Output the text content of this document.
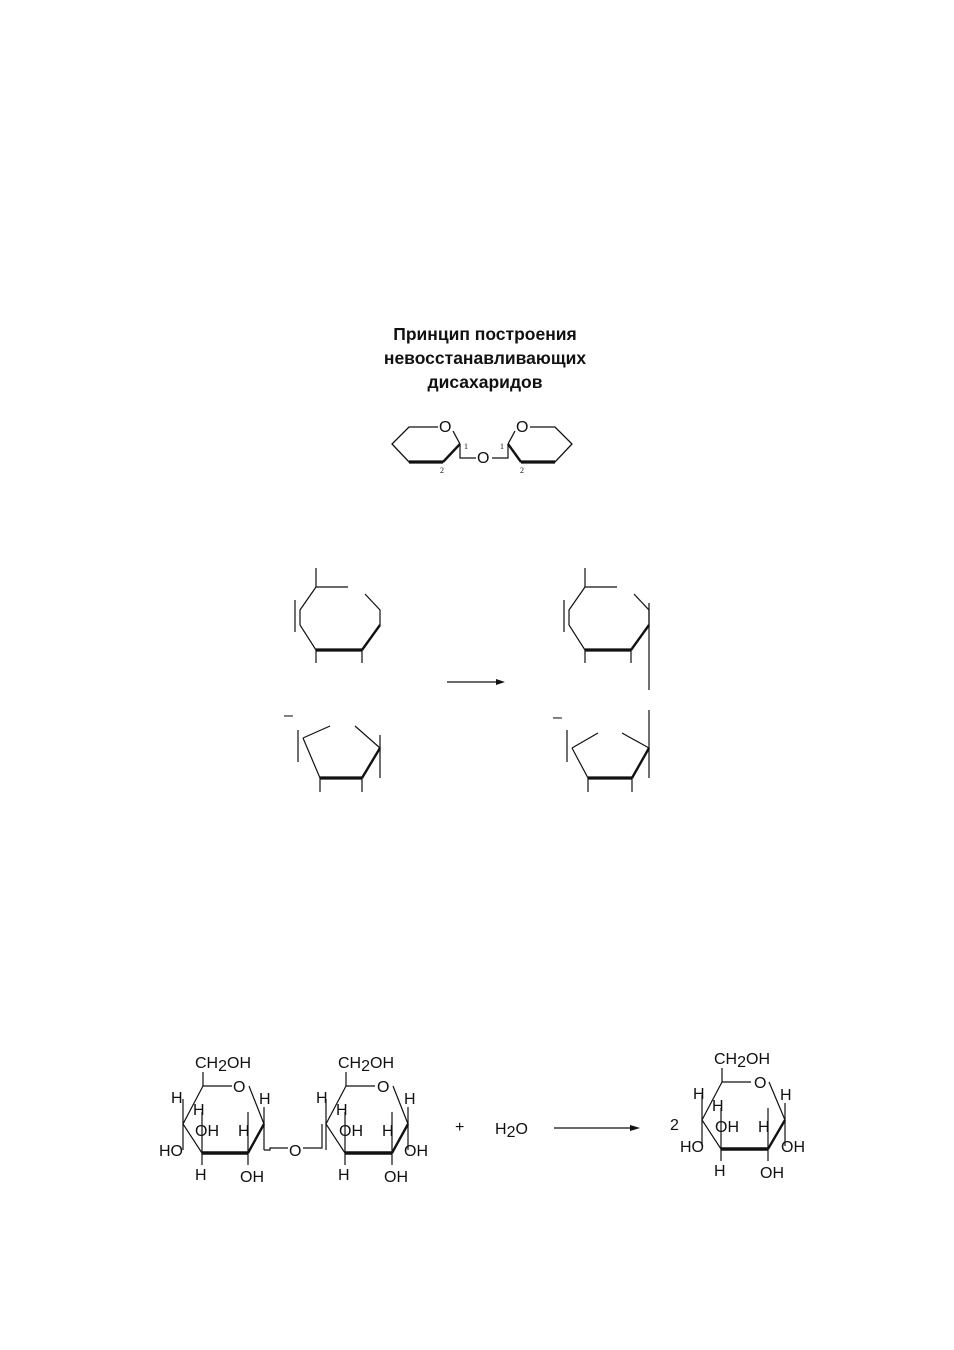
Принцип построения
невосстанавливающих
дисахаридов
O	O
O
1	1
2	2
–	–
CH2OH
O
H
H
H
OH H
HO
H OH
O
CH2OH
O
H
H
H
OH H
OH
H OH
+ H2O	2
CH2OH
O
H
H
H
OH H
HO	OH
H OH
